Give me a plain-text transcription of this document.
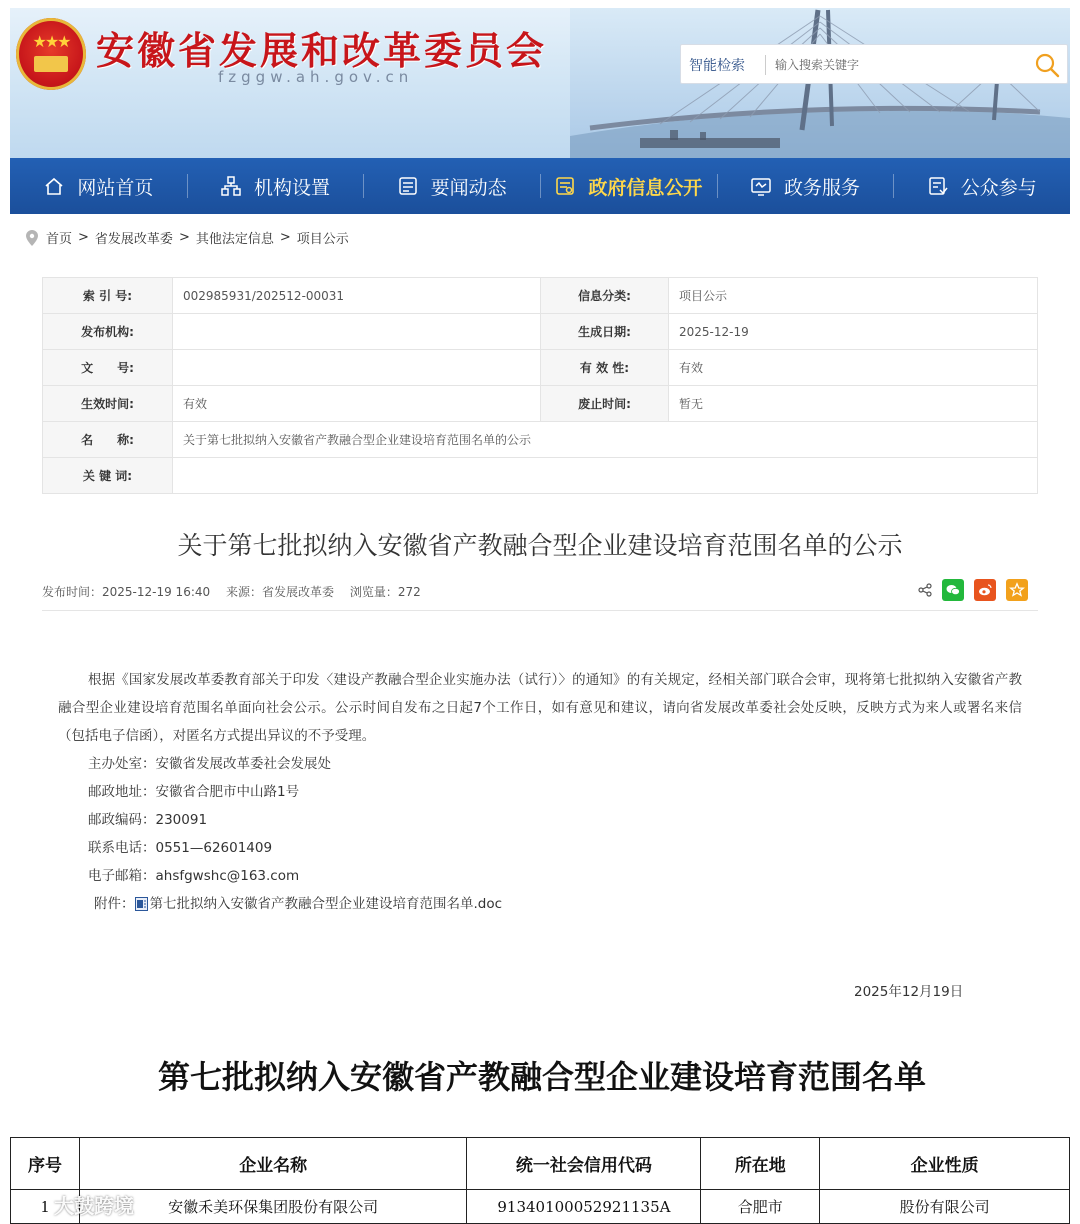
★★★ 安徽省发展和改革委员会
fzggw.ah.gov.cn
智能检索
输入搜索关键字
网站首页	机构设置	要闻动态	政府信息公开	政务服务	公众参与
首页 > 省发展改革委 > 其他法定信息 > 项目公示
索 引 号:	002985931/202512-00031	信息分类:	项目公示
发布机构:		生成日期:	2025-12-19
文　　号:		有 效 性:	有效
生效时间:	有效	废止时间:	暂无
名　　称:	关于第七批拟纳入安徽省产教融合型企业建设培育范围名单的公示		
关 键 词:			
关于第七批拟纳入安徽省产教融合型企业建设培育范围名单的公示
发布时间：2025-12-19 16:40 来源：省发展改革委 浏览量：272

根据《国家发展改革委教育部关于印发〈建设产教融合型企业实施办法（试行）〉的通知》的有关规定，经相关部门联合会审，现将第七批拟纳入安徽省产教融合型企业建设培育范围名单面向社会公示。公示时间自发布之日起7个工作日，如有意见和建议，请向省发展改革委社会处反映，反映方式为来人或署名来信（包括电子信函），对匿名方式提出异议的不予受理。

主办处室：安徽省发展改革委社会发展处
邮政地址：安徽省合肥市中山路1号
邮政编码：230091
联系电话：0551—62601409
电子邮箱：ahsfgwshc@163.com
附件： 第七批拟纳入安徽省产教融合型企业建设培育范围名单.doc
2025年12月19日
第七批拟纳入安徽省产教融合型企业建设培育范围名单
序号	企业名称	统一社会信用代码	所在地	企业性质
1	安徽禾美环保集团股份有限公司	91340100052921135A	合肥市	股份有限公司
大鼓跨境
